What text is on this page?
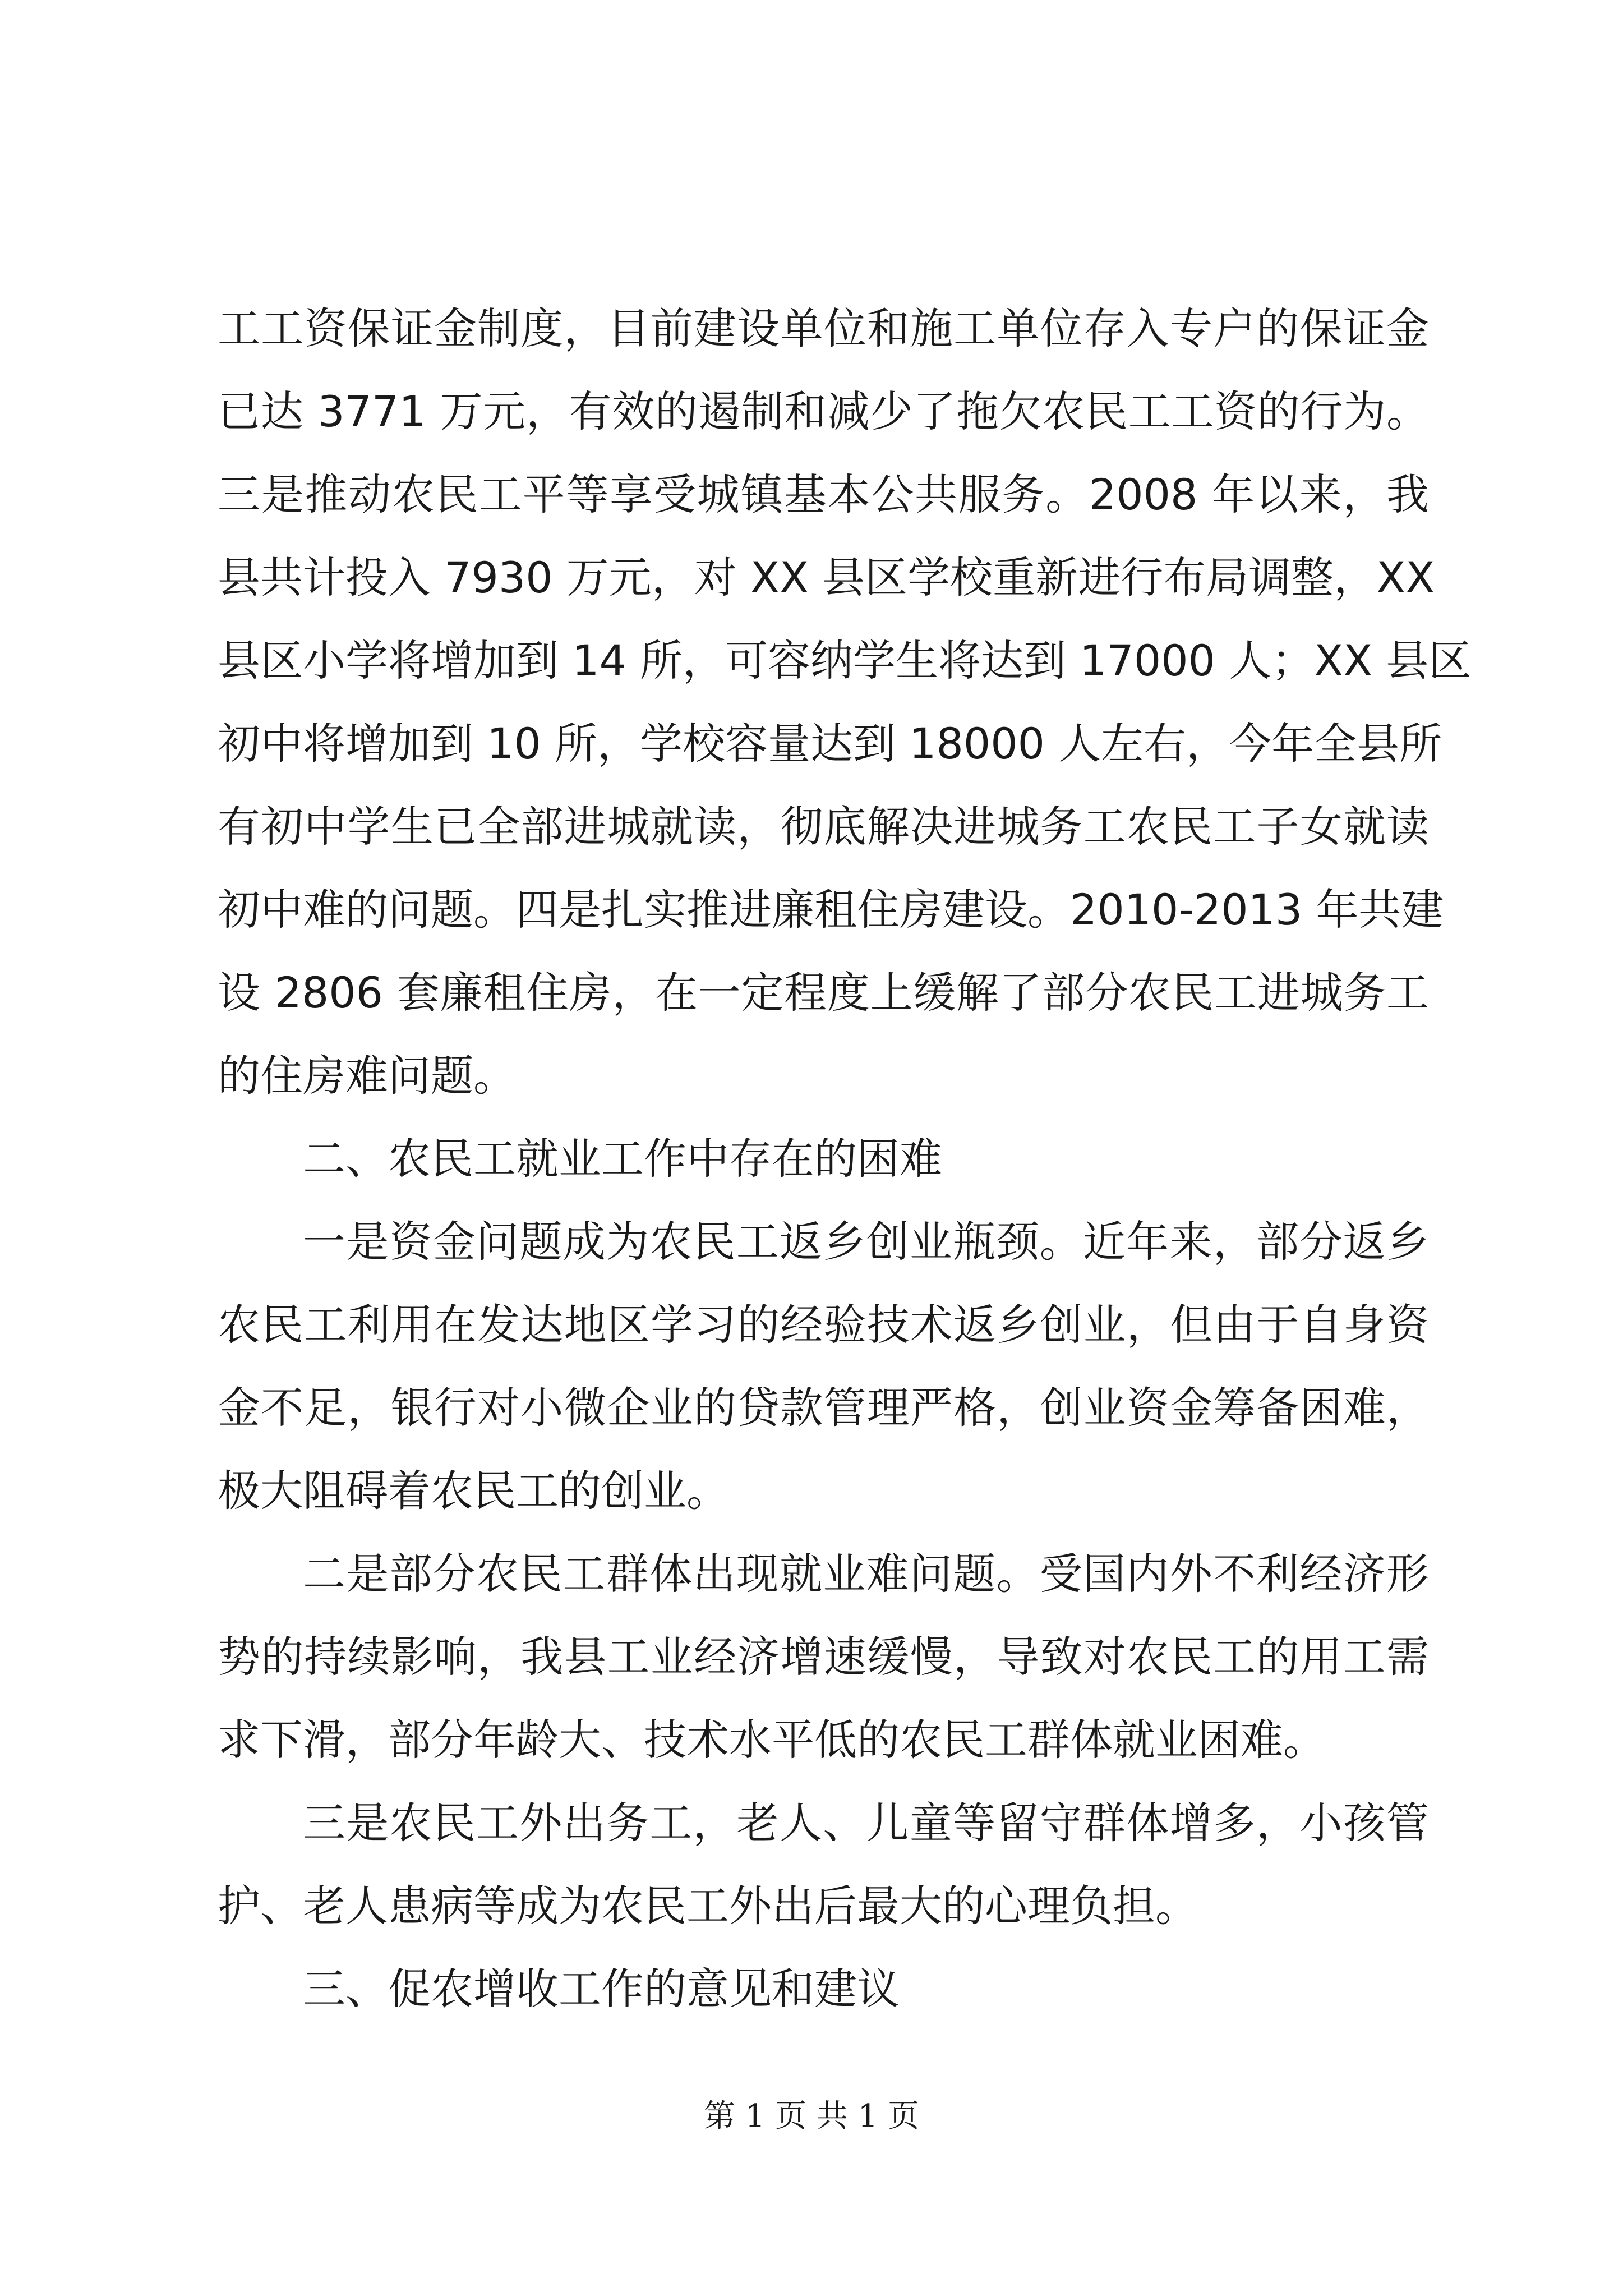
工工资保证金制度，目前建设单位和施工单位存入专户的保证金
已达 3771 万元，有效的遏制和减少了拖欠农民工工资的行为。
三是推动农民工平等享受城镇基本公共服务。2008 年以来，我
县共计投入 7930 万元，对 XX 县区学校重新进行布局调整，XX
县区小学将增加到 14 所，可容纳学生将达到 17000 人；XX 县区
初中将增加到 10 所，学校容量达到 18000 人左右，今年全县所
有初中学生已全部进城就读，彻底解决进城务工农民工子女就读
初中难的问题。四是扎实推进廉租住房建设。2010-2013 年共建
设 2806 套廉租住房，在一定程度上缓解了部分农民工进城务工
的住房难问题。
二、农民工就业工作中存在的困难
一是资金问题成为农民工返乡创业瓶颈。近年来，部分返乡
农民工利用在发达地区学习的经验技术返乡创业，但由于自身资
金不足，银行对小微企业的贷款管理严格，创业资金筹备困难，
极大阻碍着农民工的创业。
二是部分农民工群体出现就业难问题。受国内外不利经济形
势的持续影响，我县工业经济增速缓慢，导致对农民工的用工需
求下滑，部分年龄大、技术水平低的农民工群体就业困难。
三是农民工外出务工，老人、儿童等留守群体增多，小孩管
护、老人患病等成为农民工外出后最大的心理负担。
三、促农增收工作的意见和建议
第 1 页 共 1 页
